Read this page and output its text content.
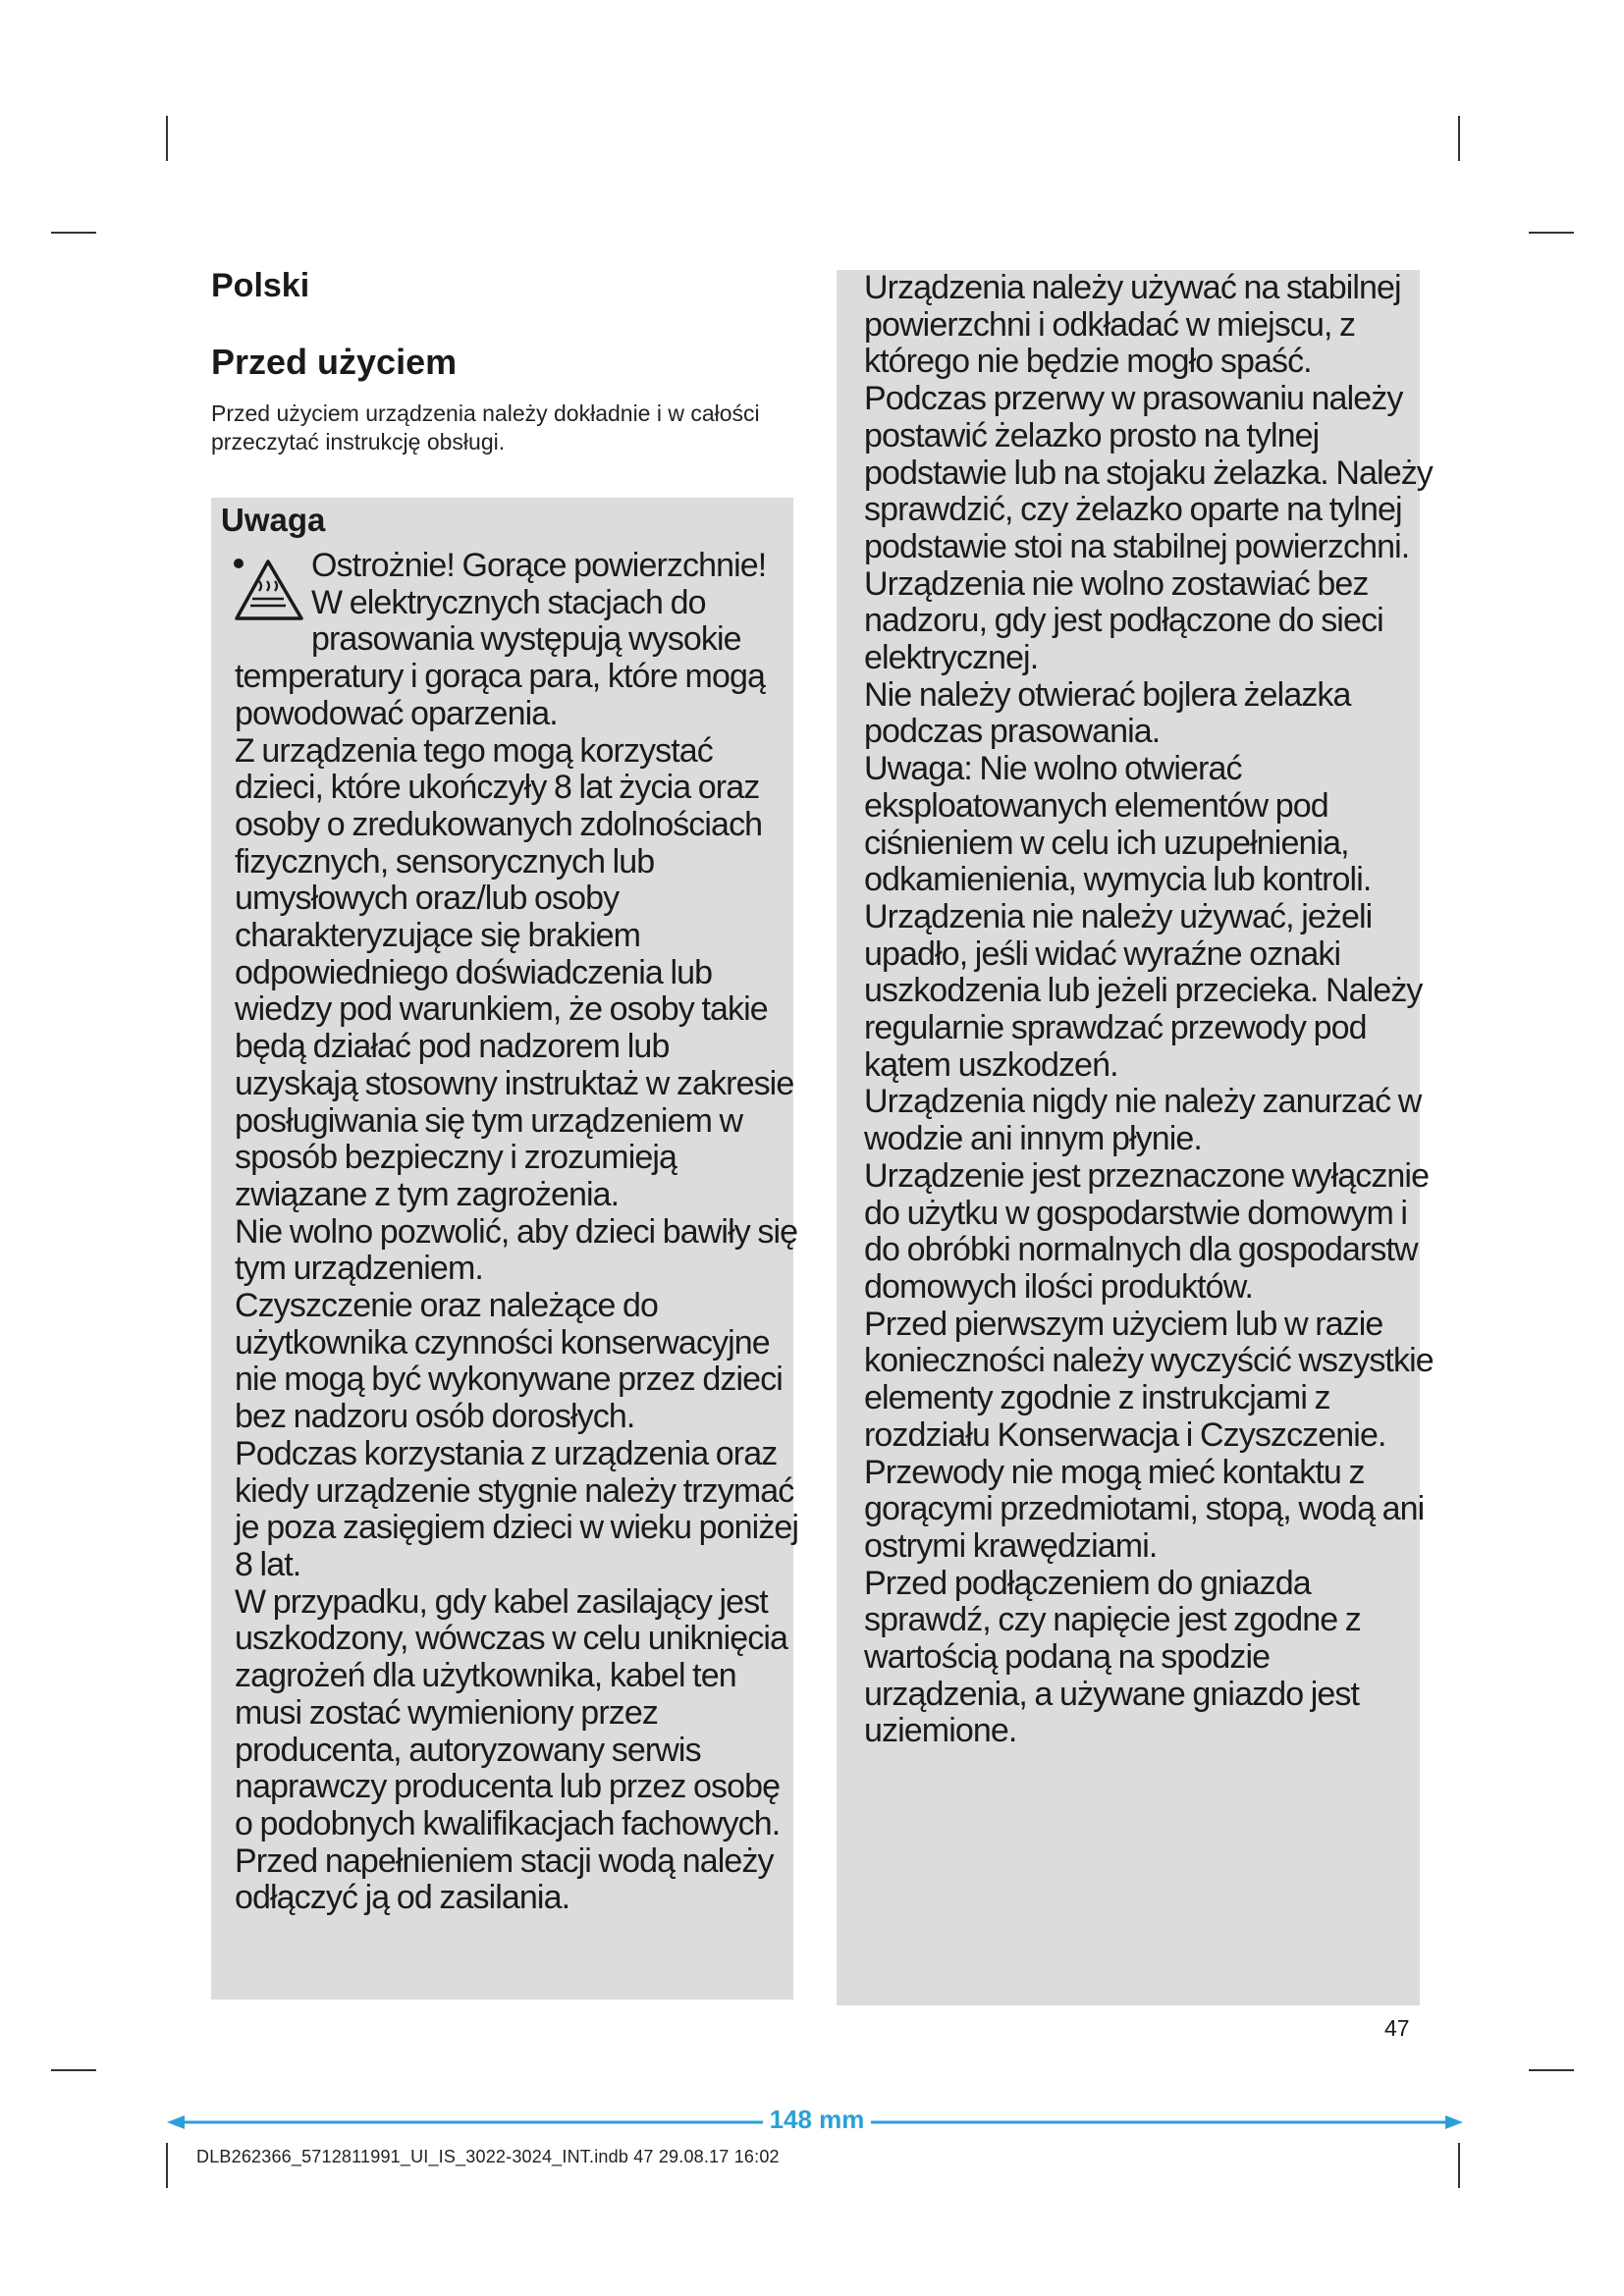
Polski
Przed użyciem

Przed użyciem urządzenia należy dokładnie i w całości przeczytać instrukcję obsługi.

Uwaga

Ostrożnie! Gorące powierzchnie! W elektrycznych stacjach do prasowania występują wysokie temperatury i gorąca para, które mogą powodować oparzenia.

Z urządzenia tego mogą korzystać dzieci, które ukończyły 8 lat życia oraz osoby o zredukowanych zdolnościach fizycznych, sensorycznych lub umysłowych oraz/lub osoby charakteryzujące się brakiem odpowiedniego doświadczenia lub wiedzy pod warunkiem, że osoby takie będą działać pod nadzorem lub uzyskają stosowny instruktaż w zakresie posługiwania się tym urządzeniem w sposób bezpieczny i zrozumieją związane z tym zagrożenia.

Nie wolno pozwolić, aby dzieci bawiły się tym urządzeniem.

Czyszczenie oraz należące do użytkownika czynności konserwacyjne nie mogą być wykonywane przez dzieci bez nadzoru osób dorosłych.

Podczas korzystania z urządzenia oraz kiedy urządzenie stygnie należy trzymać je poza zasięgiem dzieci w wieku poniżej 8 lat.

W przypadku, gdy kabel zasilający jest uszkodzony, wówczas w celu uniknięcia zagrożeń dla użytkownika, kabel ten musi zostać wymieniony przez producenta, autoryzowany serwis naprawczy producenta lub przez osobę o podobnych kwalifikacjach fachowych.

Przed napełnieniem stacji wodą należy odłączyć ją od zasilania.

Urządzenia należy używać na stabilnej powierzchni i odkładać w miejscu, z którego nie będzie mogło spaść.

Podczas przerwy w prasowaniu należy postawić żelazko prosto na tylnej podstawie lub na stojaku żelazka. Należy sprawdzić, czy żelazko oparte na tylnej podstawie stoi na stabilnej powierzchni.

Urządzenia nie wolno zostawiać bez nadzoru, gdy jest podłączone do sieci elektrycznej.

Nie należy otwierać bojlera żelazka podczas prasowania.

Uwaga: Nie wolno otwierać eksploatowanych elementów pod ciśnieniem w celu ich uzupełnienia, odkamienienia, wymycia lub kontroli.

Urządzenia nie należy używać, jeżeli upadło, jeśli widać wyraźne oznaki uszkodzenia lub jeżeli przecieka. Należy regularnie sprawdzać przewody pod kątem uszkodzeń.

Urządzenia nigdy nie należy zanurzać w wodzie ani innym płynie.

Urządzenie jest przeznaczone wyłącznie do użytku w gospodarstwie domowym i do obróbki normalnych dla gospodarstw domowych ilości produktów.

Przed pierwszym użyciem lub w razie konieczności należy wyczyścić wszystkie elementy zgodnie z instrukcjami z rozdziału Konserwacja i Czyszczenie.

Przewody nie mogą mieć kontaktu z gorącymi przedmiotami, stopą, wodą ani ostrymi krawędziami.

Przed podłączeniem do gniazda sprawdź, czy napięcie jest zgodne z wartością podaną na spodzie urządzenia, a używane gniazdo jest uziemione.

47
148 mm
DLB262366_5712811991_UI_IS_3022-3024_INT.indb 47 29.08.17 16:02
